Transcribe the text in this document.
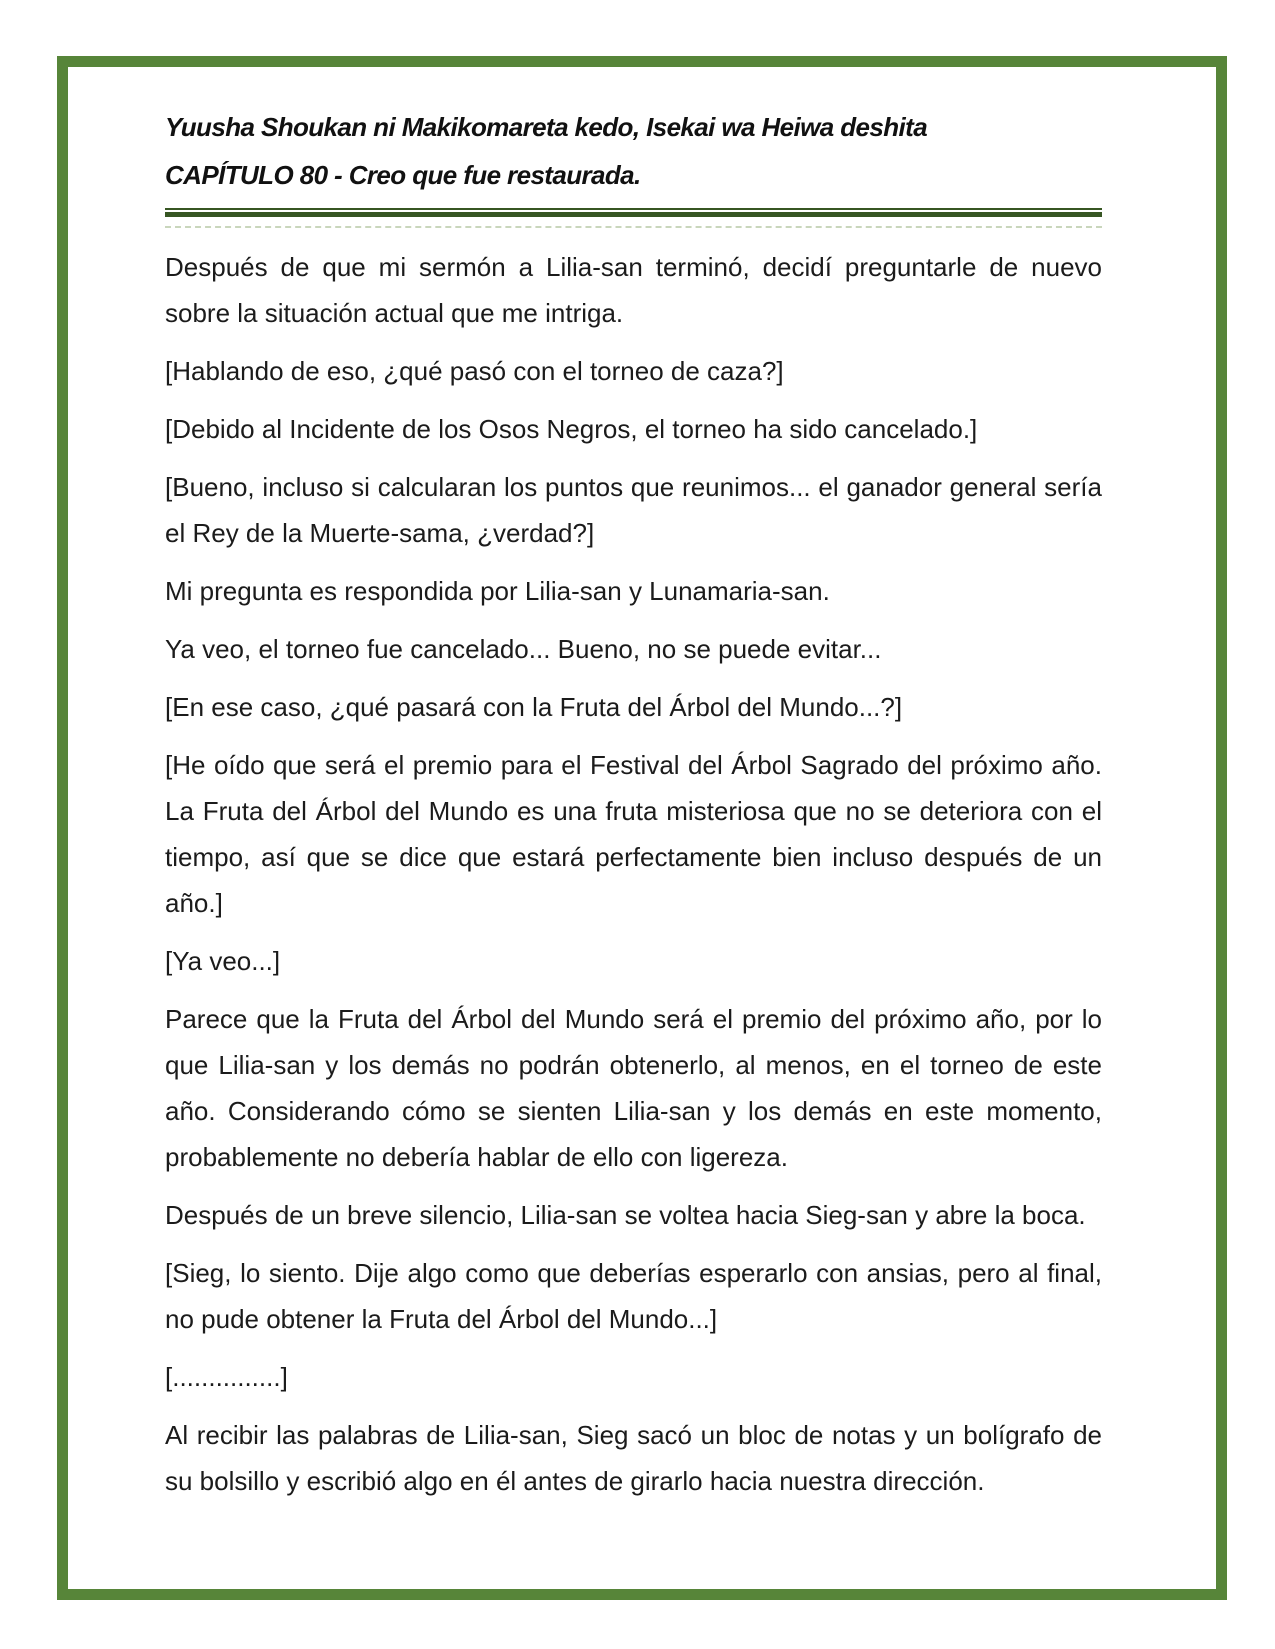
Yuusha Shoukan ni Makikomareta kedo, Isekai wa Heiwa deshita
CAPÍTULO 80 - Creo que fue restaurada.

Después de que mi sermón a Lilia-san terminó, decidí preguntarle de nuevo sobre la situación actual que me intriga.

[Hablando de eso, ¿qué pasó con el torneo de caza?]

[Debido al Incidente de los Osos Negros, el torneo ha sido cancelado.]

[Bueno, incluso si calcularan los puntos que reunimos... el ganador general sería el Rey de la Muerte-sama, ¿verdad?]

Mi pregunta es respondida por Lilia-san y Lunamaria-san.

Ya veo, el torneo fue cancelado... Bueno, no se puede evitar...

[En ese caso, ¿qué pasará con la Fruta del Árbol del Mundo...?]

[He oído que será el premio para el Festival del Árbol Sagrado del próximo año. La Fruta del Árbol del Mundo es una fruta misteriosa que no se deteriora con el tiempo, así que se dice que estará perfectamente bien incluso después de un año.]

[Ya veo...]

Parece que la Fruta del Árbol del Mundo será el premio del próximo año, por lo que Lilia-san y los demás no podrán obtenerlo, al menos, en el torneo de este año. Considerando cómo se sienten Lilia-san y los demás en este momento, probablemente no debería hablar de ello con ligereza.

Después de un breve silencio, Lilia-san se voltea hacia Sieg-san y abre la boca.

[Sieg, lo siento. Dije algo como que deberías esperarlo con ansias, pero al final, no pude obtener la Fruta del Árbol del Mundo...]

[...............]

Al recibir las palabras de Lilia-san, Sieg sacó un bloc de notas y un bolígrafo de su bolsillo y escribió algo en él antes de girarlo hacia nuestra dirección.
